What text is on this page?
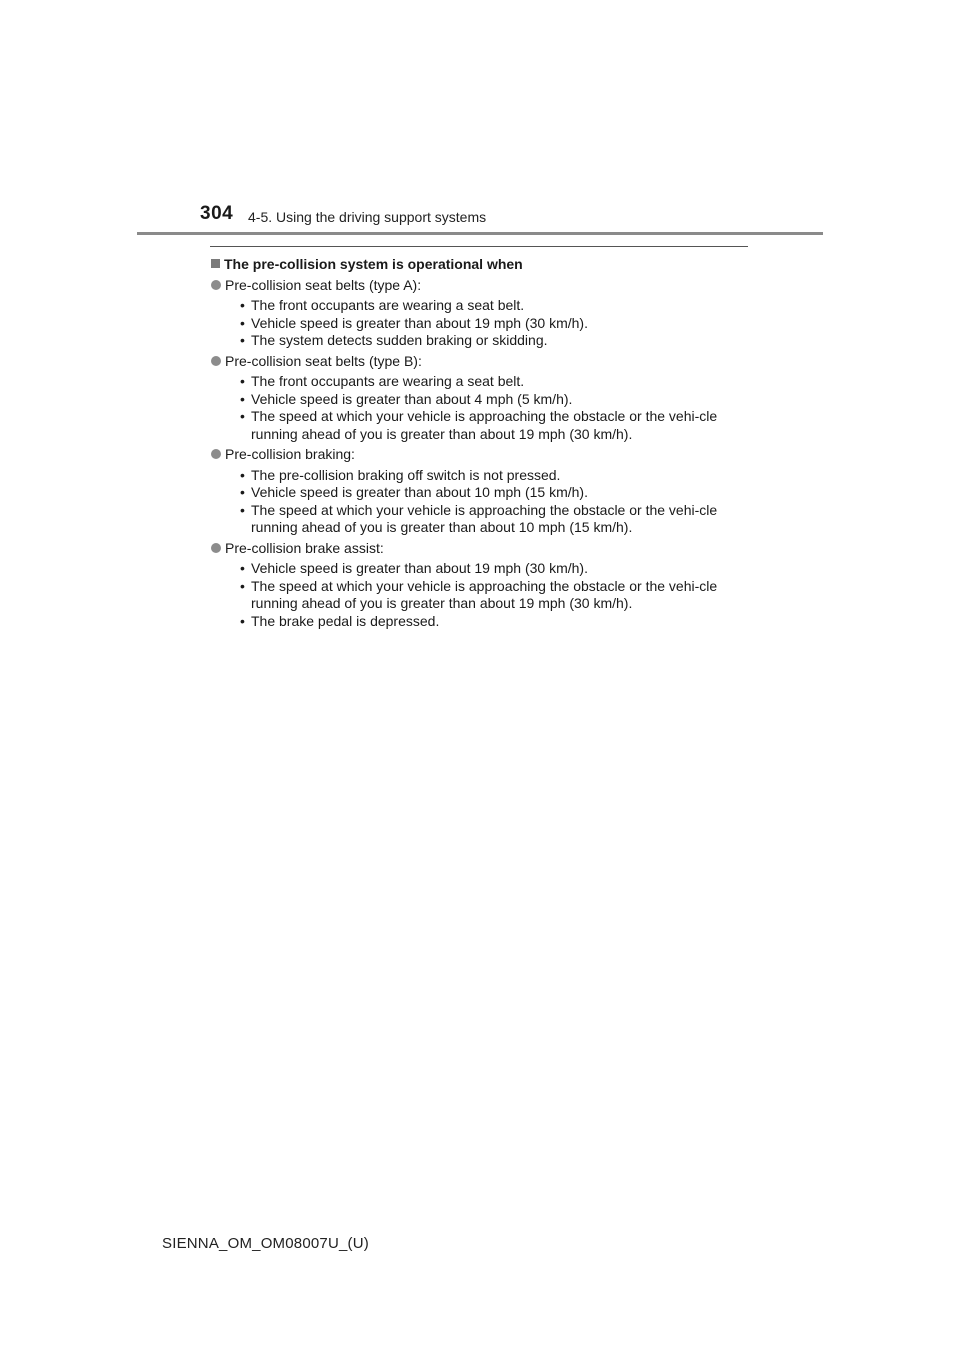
304 4-5. Using the driving support systems
The pre-collision system is operational when
Pre-collision seat belts (type A):
• The front occupants are wearing a seat belt.
• Vehicle speed is greater than about 19 mph (30 km/h).
• The system detects sudden braking or skidding.
Pre-collision seat belts (type B):
• The front occupants are wearing a seat belt.
• Vehicle speed is greater than about 4 mph (5 km/h).
• The speed at which your vehicle is approaching the obstacle or the vehi-cle running ahead of you is greater than about 19 mph (30 km/h).
Pre-collision braking:
• The pre-collision braking off switch is not pressed.
• Vehicle speed is greater than about 10 mph (15 km/h).
• The speed at which your vehicle is approaching the obstacle or the vehi-cle running ahead of you is greater than about 10 mph (15 km/h).
Pre-collision brake assist:
• Vehicle speed is greater than about 19 mph (30 km/h).
• The speed at which your vehicle is approaching the obstacle or the vehi-cle running ahead of you is greater than about 19 mph (30 km/h).
• The brake pedal is depressed.
SIENNA_OM_OM08007U_(U)
